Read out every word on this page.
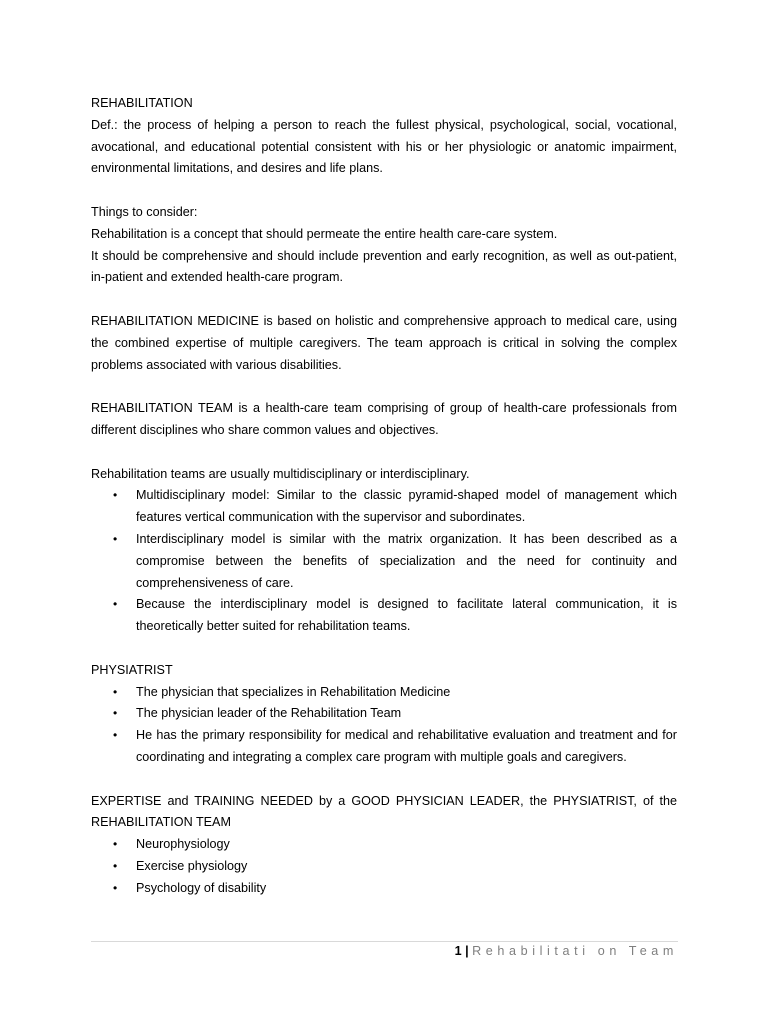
REHABILITATION

Def.: the process of helping a person to reach the fullest physical, psychological, social, vocational, avocational, and educational potential consistent with his or her physiologic or anatomic impairment, environmental limitations, and desires and life plans.

Things to consider:

Rehabilitation is a concept that should permeate the entire health care-care system.

It should be comprehensive and should include prevention and early recognition, as well as out-patient, in-patient and extended health-care program.

REHABILITATION MEDICINE is based on holistic and comprehensive approach to medical care, using the combined expertise of multiple caregivers. The team approach is critical in solving the complex problems associated with various disabilities.

REHABILITATION TEAM is a health-care team comprising of group of health-care professionals from different disciplines who share common values and objectives.

Rehabilitation teams are usually multidisciplinary or interdisciplinary.

• Multidisciplinary model: Similar to the classic pyramid-shaped model of management which features vertical communication with the supervisor and subordinates.
• Interdisciplinary model is similar with the matrix organization. It has been described as a compromise between the benefits of specialization and the need for continuity and comprehensiveness of care.
• Because the interdisciplinary model is designed to facilitate lateral communication, it is theoretically better suited for rehabilitation teams.

PHYSIATRIST

• The physician that specializes in Rehabilitation Medicine
• The physician leader of the Rehabilitation Team
• He has the primary responsibility for medical and rehabilitative evaluation and treatment and for coordinating and integrating a complex care program with multiple goals and caregivers.

EXPERTISE and TRAINING NEEDED by a GOOD PHYSICIAN LEADER, the PHYSIATRIST, of the REHABILITATION TEAM

• Neurophysiology
• Exercise physiology
• Psychology of disability
1 | Rehabilitati on Team
